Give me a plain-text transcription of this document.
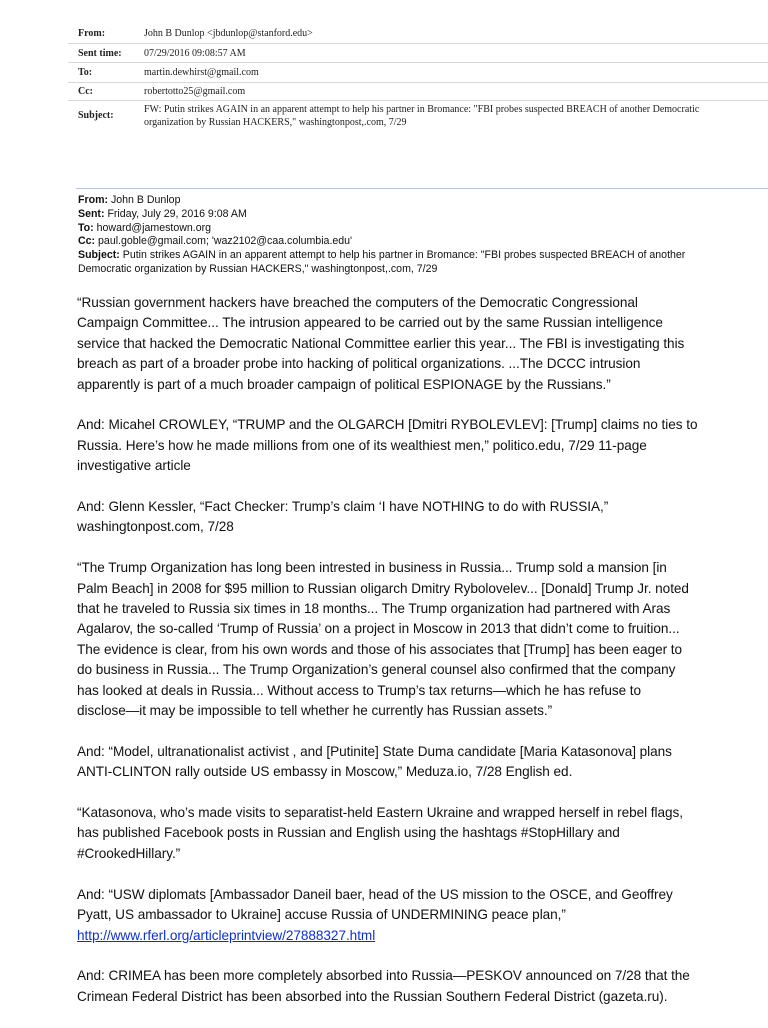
From:	John B Dunlop <jbdunlop@stanford.edu>
Sent time:	07/29/2016 09:08:57 AM
To:	martin.dewhirst@gmail.com
Cc:	robertotto25@gmail.com
Subject:	FW: Putin strikes AGAIN in an apparent attempt to help his partner in Bromance: "FBI probes suspected BREACH of another Democratic
organization by Russian HACKERS," washingtonpost,.com, 7/29
From: John B Dunlop
Sent: Friday, July 29, 2016 9:08 AM
To: howard@jamestown.org
Cc: paul.goble@gmail.com; 'waz2102@caa.columbia.edu'
Subject: Putin strikes AGAIN in an apparent attempt to help his partner in Bromance: "FBI probes suspected BREACH of another
Democratic organization by Russian HACKERS," washingtonpost,.com, 7/29

“Russian government hackers have breached the computers of the Democratic Congressional
Campaign Committee... The intrusion appeared to be carried out by the same Russian intelligence
service that hacked the Democratic National Committee earlier this year... The FBI is investigating this
breach as part of a broader probe into hacking of political organizations. ...The DCCC intrusion
apparently is part of a much broader campaign of political ESPIONAGE by the Russians.”

And: Micahel CROWLEY, “TRUMP and the OLGARCH [Dmitri RYBOLEVLEV]: [Trump] claims no ties to
Russia. Here’s how he made millions from one of its wealthiest men,” politico.edu, 7/29 11-page
investigative article

And: Glenn Kessler, “Fact Checker: Trump’s claim ‘I have NOTHING to do with RUSSIA,”
washingtonpost.com, 7/28

“The Trump Organization has long been intrested in business in Russia... Trump sold a mansion [in
Palm Beach] in 2008 for $95 million to Russian oligarch Dmitry Rybolovelev... [Donald] Trump Jr. noted
that he traveled to Russia six times in 18 months... The Trump organization had partnered with Aras
Agalarov, the so-called ‘Trump of Russia’ on a project in Moscow in 2013 that didn’t come to fruition...
The evidence is clear, from his own words and those of his associates that [Trump] has been eager to
do business in Russia... The Trump Organization’s general counsel also confirmed that the company
has looked at deals in Russia... Without access to Trump’s tax returns—which he has refuse to
disclose—it may be impossible to tell whether he currently has Russian assets.”

And: “Model, ultranationalist activist , and [Putinite] State Duma candidate [Maria Katasonova] plans
ANTI-CLINTON rally outside US embassy in Moscow,” Meduza.io, 7/28 English ed.

“Katasonova, who’s made visits to separatist-held Eastern Ukraine and wrapped herself in rebel flags,
has published Facebook posts in Russian and English using the hashtags #StopHillary and
#CrookedHillary.”

And: “USW diplomats [Ambassador Daneil baer, head of the US mission to the OSCE, and Geoffrey
Pyatt, US ambassador to Ukraine] accuse Russia of UNDERMINING peace plan,”
http://www.rferl.org/articleprintview/27888327.html

And: CRIMEA has been more completely absorbed into Russia—PESKOV announced on 7/28 that the
Crimean Federal District has been absorbed into the Russian Southern Federal District (gazeta.ru).
